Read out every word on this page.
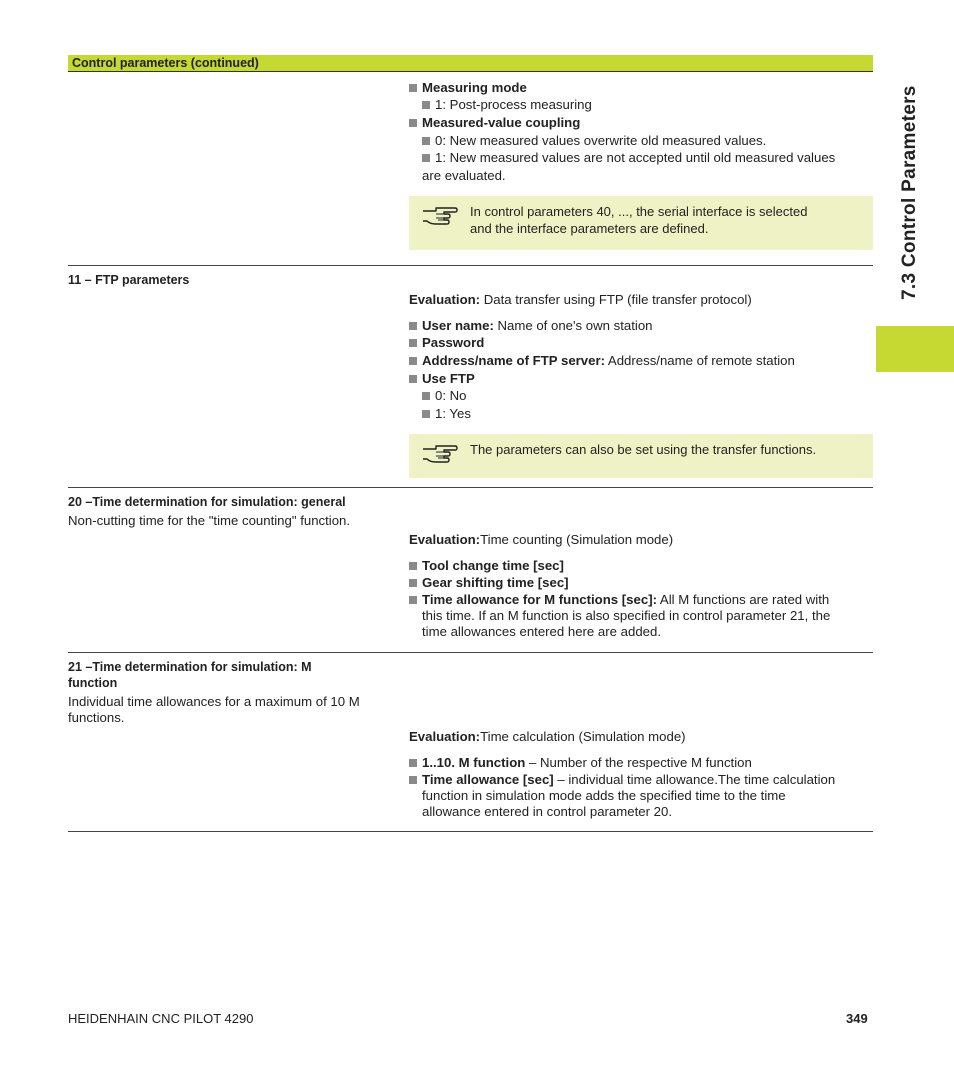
Control parameters (continued)
7.3 Control Parameters
Measuring mode
1: Post-process measuring
Measured-value coupling
0: New measured values overwrite old measured values.
1: New measured values are not accepted until old measured values
are evaluated.
In control parameters 40, ..., the serial interface is selected
and the interface parameters are defined.
11 – FTP parameters
Evaluation: Data transfer using FTP (file transfer protocol)
User name: Name of one's own station
Password
Address/name of FTP server: Address/name of remote station
Use FTP
0: No
1: Yes
The parameters can also be set using the transfer functions.
20 –Time determination for simulation: general
Non-cutting time for the "time counting" function.
Evaluation:Time counting (Simulation mode)
Tool change time [sec]
Gear shifting time [sec]
Time allowance for M functions [sec]: All M functions are rated with
this time. If an M function is also specified in control parameter 21, the
time allowances entered here are added.
21 –Time determination for simulation: M
function
Individual time allowances for a maximum of 10 M
functions.
Evaluation:Time calculation (Simulation mode)
1..10. M function – Number of the respective M function
Time allowance [sec] – individual time allowance.The time calculation
function in simulation mode adds the specified time to the time
allowance entered in control parameter 20.
HEIDENHAIN CNC PILOT 4290	349
